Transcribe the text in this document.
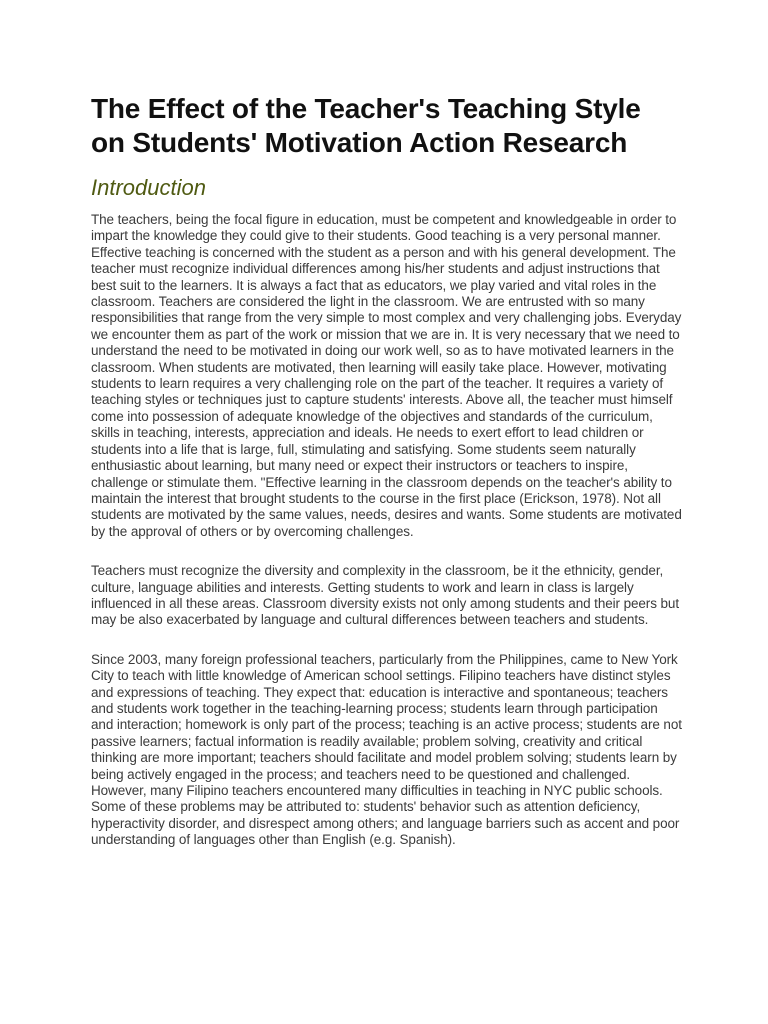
The Effect of the Teacher's Teaching Style
on Students' Motivation Action Research
Introduction

The teachers, being the focal figure in education, must be competent and knowledgeable in order to impart the knowledge they could give to their students. Good teaching is a very personal manner. Effective teaching is concerned with the student as a person and with his general development. The teacher must recognize individual differences among his/her students and adjust instructions that best suit to the learners. It is always a fact that as educators, we play varied and vital roles in the classroom. Teachers are considered the light in the classroom. We are entrusted with so many responsibilities that range from the very simple to most complex and very challenging jobs. Everyday we encounter them as part of the work or mission that we are in. It is very necessary that we need to understand the need to be motivated in doing our work well, so as to have motivated learners in the classroom. When students are motivated, then learning will easily take place. However, motivating students to learn requires a very challenging role on the part of the teacher. It requires a variety of teaching styles or techniques just to capture students' interests. Above all, the teacher must himself come into possession of adequate knowledge of the objectives and standards of the curriculum, skills in teaching, interests, appreciation and ideals. He needs to exert effort to lead children or students into a life that is large, full, stimulating and satisfying. Some students seem naturally enthusiastic about learning, but many need or expect their instructors or teachers to inspire, challenge or stimulate them. "Effective learning in the classroom depends on the teacher's ability to maintain the interest that brought students to the course in the first place (Erickson, 1978). Not all students are motivated by the same values, needs, desires and wants. Some students are motivated by the approval of others or by overcoming challenges.

Teachers must recognize the diversity and complexity in the classroom, be it the ethnicity, gender, culture, language abilities and interests. Getting students to work and learn in class is largely influenced in all these areas. Classroom diversity exists not only among students and their peers but may be also exacerbated by language and cultural differences between teachers and students.

Since 2003, many foreign professional teachers, particularly from the Philippines, came to New York City to teach with little knowledge of American school settings. Filipino teachers have distinct styles and expressions of teaching. They expect that: education is interactive and spontaneous; teachers and students work together in the teaching-learning process; students learn through participation and interaction; homework is only part of the process; teaching is an active process; students are not passive learners; factual information is readily available; problem solving, creativity and critical thinking are more important; teachers should facilitate and model problem solving; students learn by being actively engaged in the process; and teachers need to be questioned and challenged. However, many Filipino teachers encountered many difficulties in teaching in NYC public schools. Some of these problems may be attributed to: students' behavior such as attention deficiency, hyperactivity disorder, and disrespect among others; and language barriers such as accent and poor understanding of languages other than English (e.g. Spanish).
